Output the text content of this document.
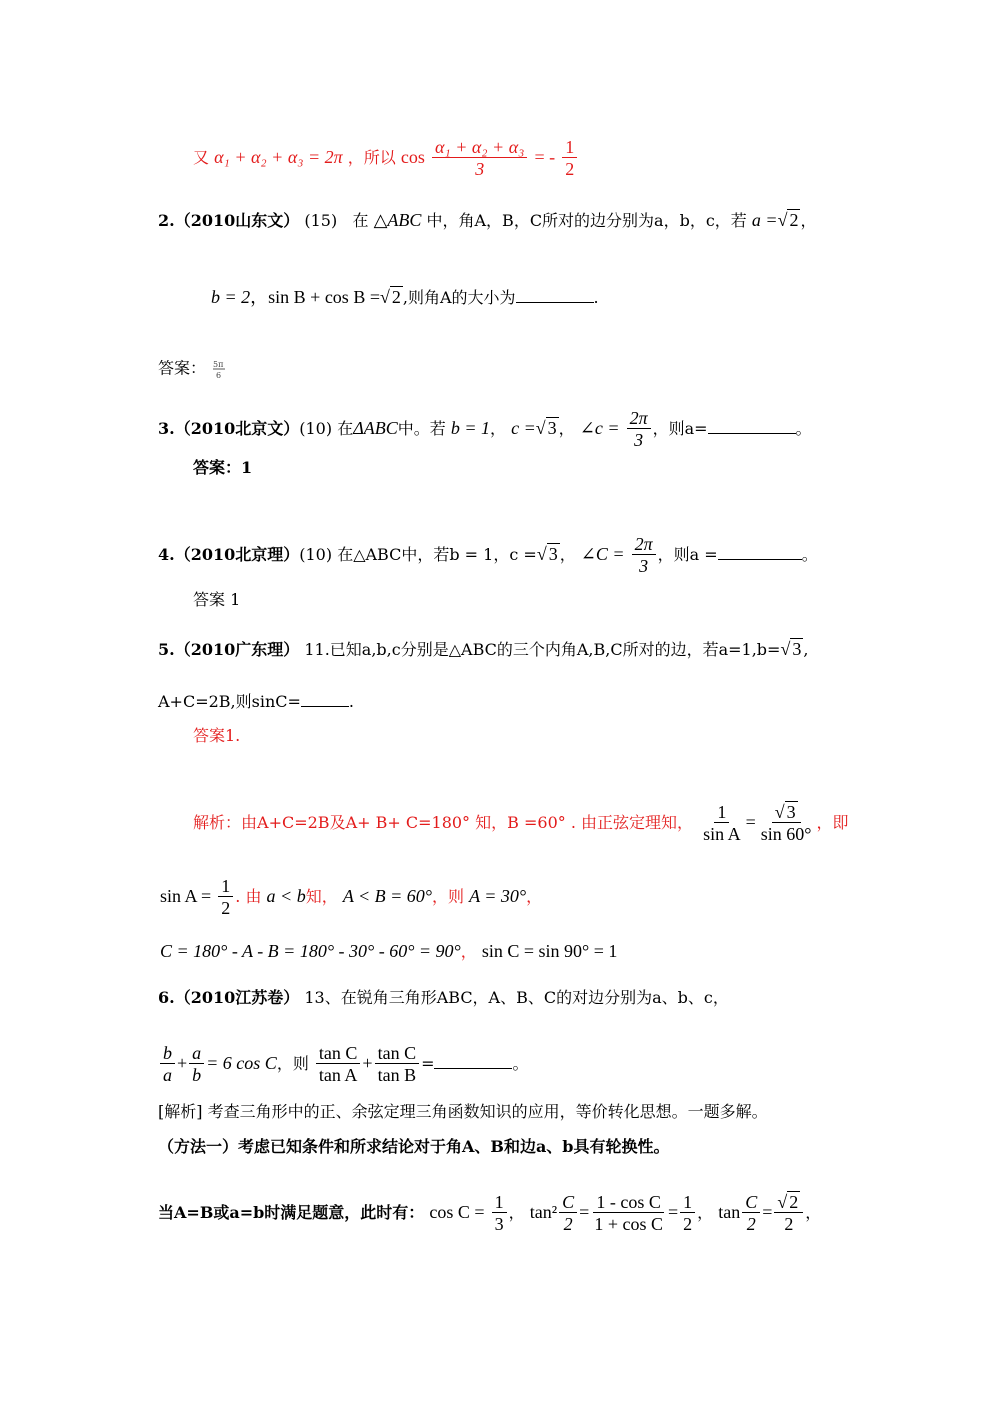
又 α₁ + α₂ + α₃ = 2π ，所以 $\cos \frac{\text{α₁ + α₂ + α₃}}{3}$ = - $\frac{1}{2}$
2.（2010山东文） (15) 在 △ABC 中，角A，B，C所对的边分别为a，b，c，若 a =√ 2 ，
b = 2，sin B + cos B =√ 2 ,则角A的大小为	.
答案： 5π
6
3.（2010北京文）(10) 在ΔABC中。若 b = 1， c =√ 3 ， ∠c = $\frac{2\pi}{3}$ ，则a=	。
答案：1
4.（2010北京理）(10) 在△ABC中，若b = 1，c =√ 3 ， ∠C = $\frac{2\pi}{3}$ ，则a =	。
答案 1
5.（2010广东理） 11.已知a,b,c分别是△ABC的三个内角A,B,C所对的边，若a=1,b=√ 3 ,
A+C=2B,则sinC=	.
答案1.
解析：由A+C=2B及A+ B+ C=180° 知，B =60° . 由正弦定理知， $\frac{1}{\text{sin A}} = \frac{√ 3}{\sin 60^\circ}$ ，即
$\sin A = \frac{1}{2}$ . 由 a < b知， A < B = 60°，则 A = 30°，
C = 180° - A - B = 180° - 30° - 60° = 90°， sin C = sin 90° = 1
6.（2010江苏卷） 13、在锐角三角形ABC，A、B、C的对边分别为a、b、c，
$\frac{b}{a} + \frac{a}{b} = 6$ cos C，则 $\frac{\text{tan C}}{\text{tan A}} + \frac{\text{tan C}}{\text{tan B}}$ =	。
[解析] 考查三角形中的正、余弦定理三角函数知识的应用，等价转化思想。一题多解。
（方法一）考虑已知条件和所求结论对于角A、B和边a、b具有轮换性。
当A=B或a=b时满足题意，此时有： $\cos C = \frac{1}{3}$ ， $\tan^2 \frac{C}{2} = \frac{\text{1 - cos C}}{\text{1 + cos C}} = \frac{1}{2}$ ， $\tan \frac{C}{2} = \frac{√ 2}{2}$ ，
